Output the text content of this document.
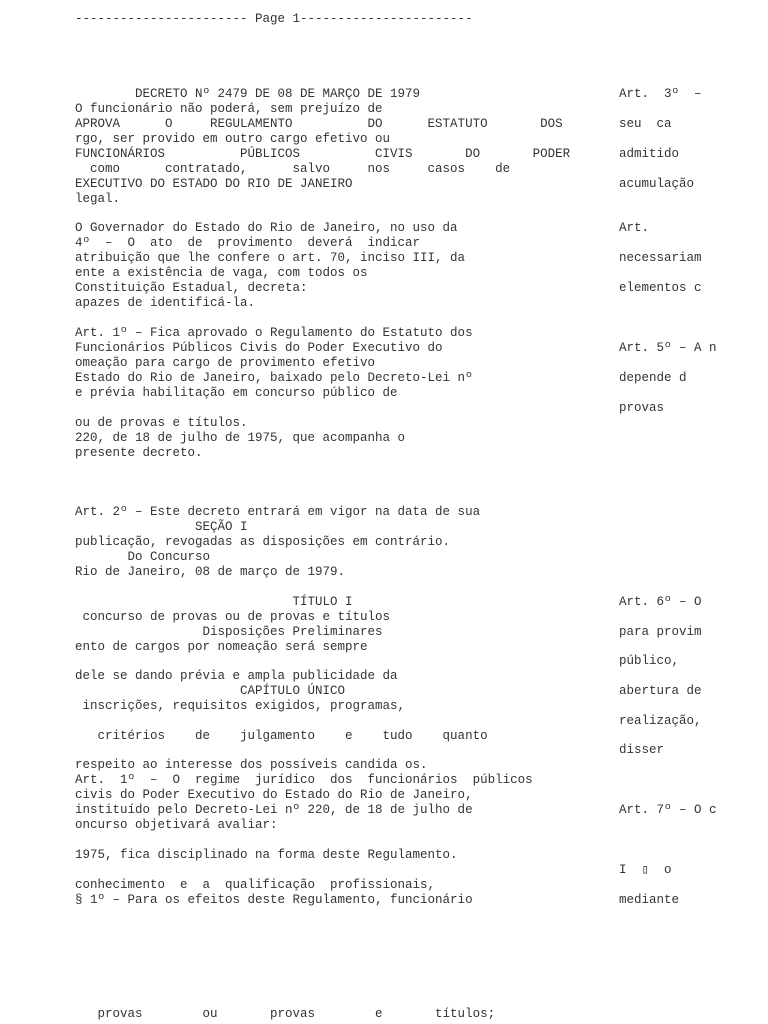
----------------------- Page 1-----------------------
DECRETO Nº 2479 DE 08 DE MARÇO DE 1979
O funcionário não poderá, sem prejuízo de
APROVA      O     REGULAMENTO          DO      ESTATUTO       DOS
rgo, ser provido em outro cargo efetivo ou
FUNCIONÁRIOS          PÚBLICOS          CIVIS       DO       PODER
como      contratado,      salvo     nos     casos    de
EXECUTIVO DO ESTADO DO RIO DE JANEIRO
legal.
O Governador do Estado do Rio de Janeiro, no uso da
4º  –  O  ato  de  provimento  deverá  indicar
atribuição que lhe confere o art. 70, inciso III, da
ente a existência de vaga, com todos os
Constituição Estadual, decreta:
apazes de identificá-la.
Art. 1º – Fica aprovado o Regulamento do Estatuto dos
Funcionários Públicos Civis do Poder Executivo do
omeação para cargo de provimento efetivo
Estado do Rio de Janeiro, baixado pelo Decreto-Lei nº
e prévia habilitação em concurso público de
ou de provas e títulos.
220, de 18 de julho de 1975, que acompanha o
presente decreto.
Art. 2º – Este decreto entrará em vigor na data de sua
SEÇÃO I
publicação, revogadas as disposições em contrário.
Do Concurso
Rio de Janeiro, 08 de março de 1979.
TÍTULO I
concurso de provas ou de provas e títulos
Disposições Preliminares
ento de cargos por nomeação será sempre
dele se dando prévia e ampla publicidade da
CAPÍTULO ÚNICO
inscrições, requisitos exigidos, programas,
critérios    de    julgamento    e    tudo    quanto
respeito ao interesse dos possíveis candida os.
Art.  1º  –  O  regime  jurídico  dos  funcionários  públicos
civis do Poder Executivo do Estado do Rio de Janeiro,
instituído pelo Decreto-Lei nº 220, de 18 de julho de
oncurso objetivará avaliar:
1975, fica disciplinado na forma deste Regulamento.
conhecimento  e  a  qualificação  profissionais,
§ 1º – Para os efeitos deste Regulamento, funcionário
provas        ou       provas        e       títulos;
Art.  3º  –
seu  ca
admitido
acumulação
Art.
necessariam
elementos c
Art. 5º – A n
depende d
provas
Art. 6º – O
para provim
público,
abertura de
realização,
disser
Art. 7º – O c
I  ▯  o
mediante
